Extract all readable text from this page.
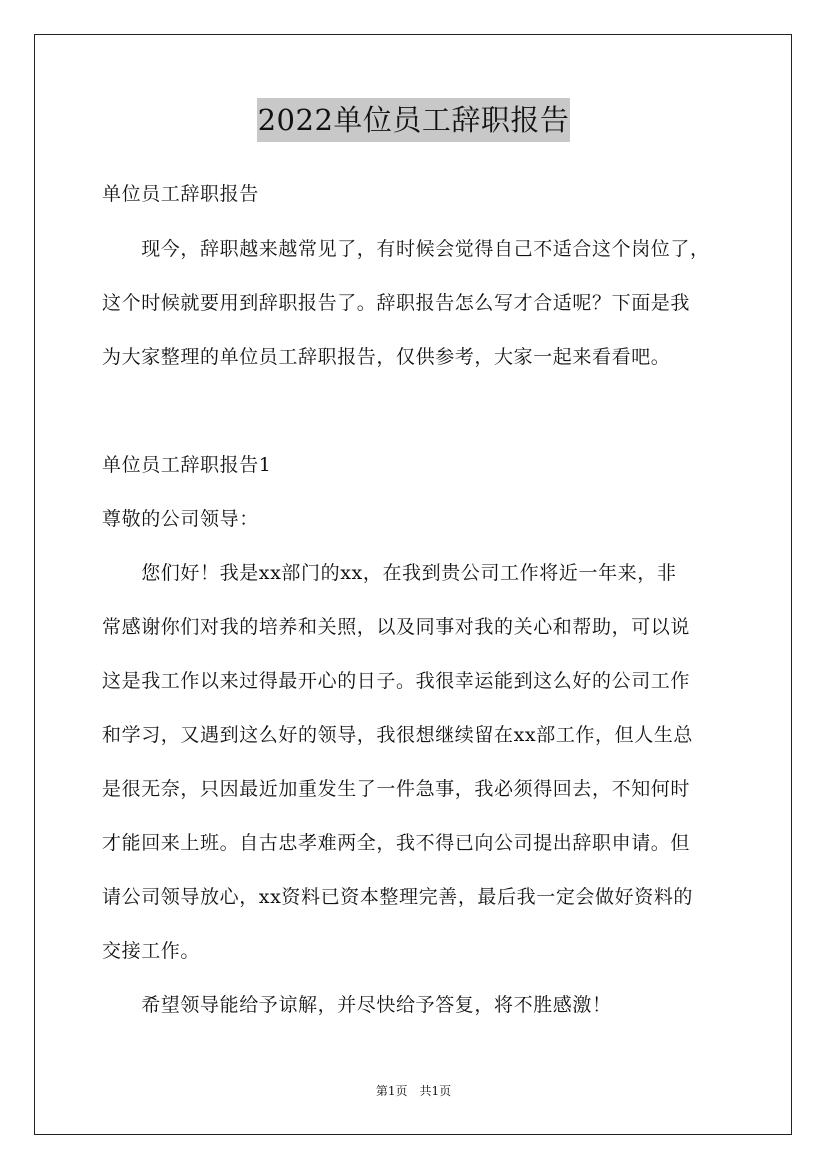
2022单位员工辞职报告
单位员工辞职报告
　　现今，辞职越来越常见了，有时候会觉得自己不适合这个岗位了，
这个时候就要用到辞职报告了。辞职报告怎么写才合适呢？下面是我
为大家整理的单位员工辞职报告，仅供参考，大家一起来看看吧。
单位员工辞职报告1
尊敬的公司领导：
　　您们好！我是xx部门的xx，在我到贵公司工作将近一年来，非
常感谢你们对我的培养和关照，以及同事对我的关心和帮助，可以说
这是我工作以来过得最开心的日子。我很幸运能到这么好的公司工作
和学习，又遇到这么好的领导，我很想继续留在xx部工作，但人生总
是很无奈，只因最近加重发生了一件急事，我必须得回去，不知何时
才能回来上班。自古忠孝难两全，我不得已向公司提出辞职申请。但
请公司领导放心，xx资料已资本整理完善，最后我一定会做好资料的
交接工作。
　　希望领导能给予谅解，并尽快给予答复，将不胜感激！
第1页　共1页
